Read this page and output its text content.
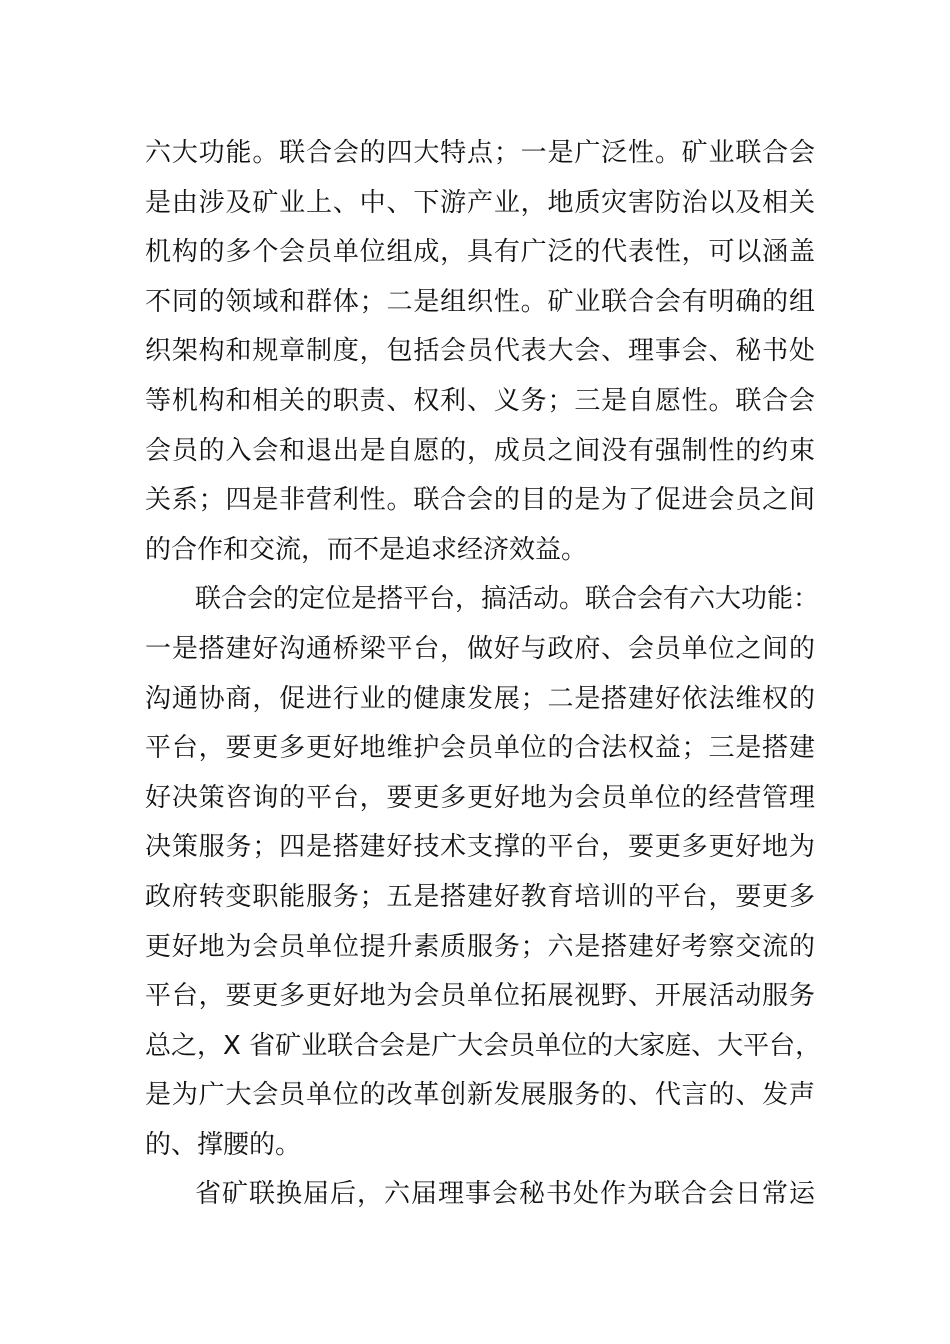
六大功能。联合会的四大特点；一是广泛性。矿业联合会
是由涉及矿业上、中、下游产业，地质灾害防治以及相关
机构的多个会员单位组成，具有广泛的代表性，可以涵盖
不同的领域和群体；二是组织性。矿业联合会有明确的组
织架构和规章制度，包括会员代表大会、理事会、秘书处
等机构和相关的职责、权利、义务；三是自愿性。联合会
会员的入会和退出是自愿的，成员之间没有强制性的约束
关系；四是非营利性。联合会的目的是为了促进会员之间
的合作和交流，而不是追求经济效益。
联合会的定位是搭平台，搞活动。联合会有六大功能：
一是搭建好沟通桥梁平台，做好与政府、会员单位之间的
沟通协商，促进行业的健康发展；二是搭建好依法维权的
平台，要更多更好地维护会员单位的合法权益；三是搭建
好决策咨询的平台，要更多更好地为会员单位的经营管理
决策服务；四是搭建好技术支撑的平台，要更多更好地为
政府转变职能服务；五是搭建好教育培训的平台，要更多
更好地为会员单位提升素质服务；六是搭建好考察交流的
平台，要更多更好地为会员单位拓展视野、开展活动服务
总之，X 省矿业联合会是广大会员单位的大家庭、大平台，
是为广大会员单位的改革创新发展服务的、代言的、发声
的、撑腰的。
省矿联换届后，六届理事会秘书处作为联合会日常运
